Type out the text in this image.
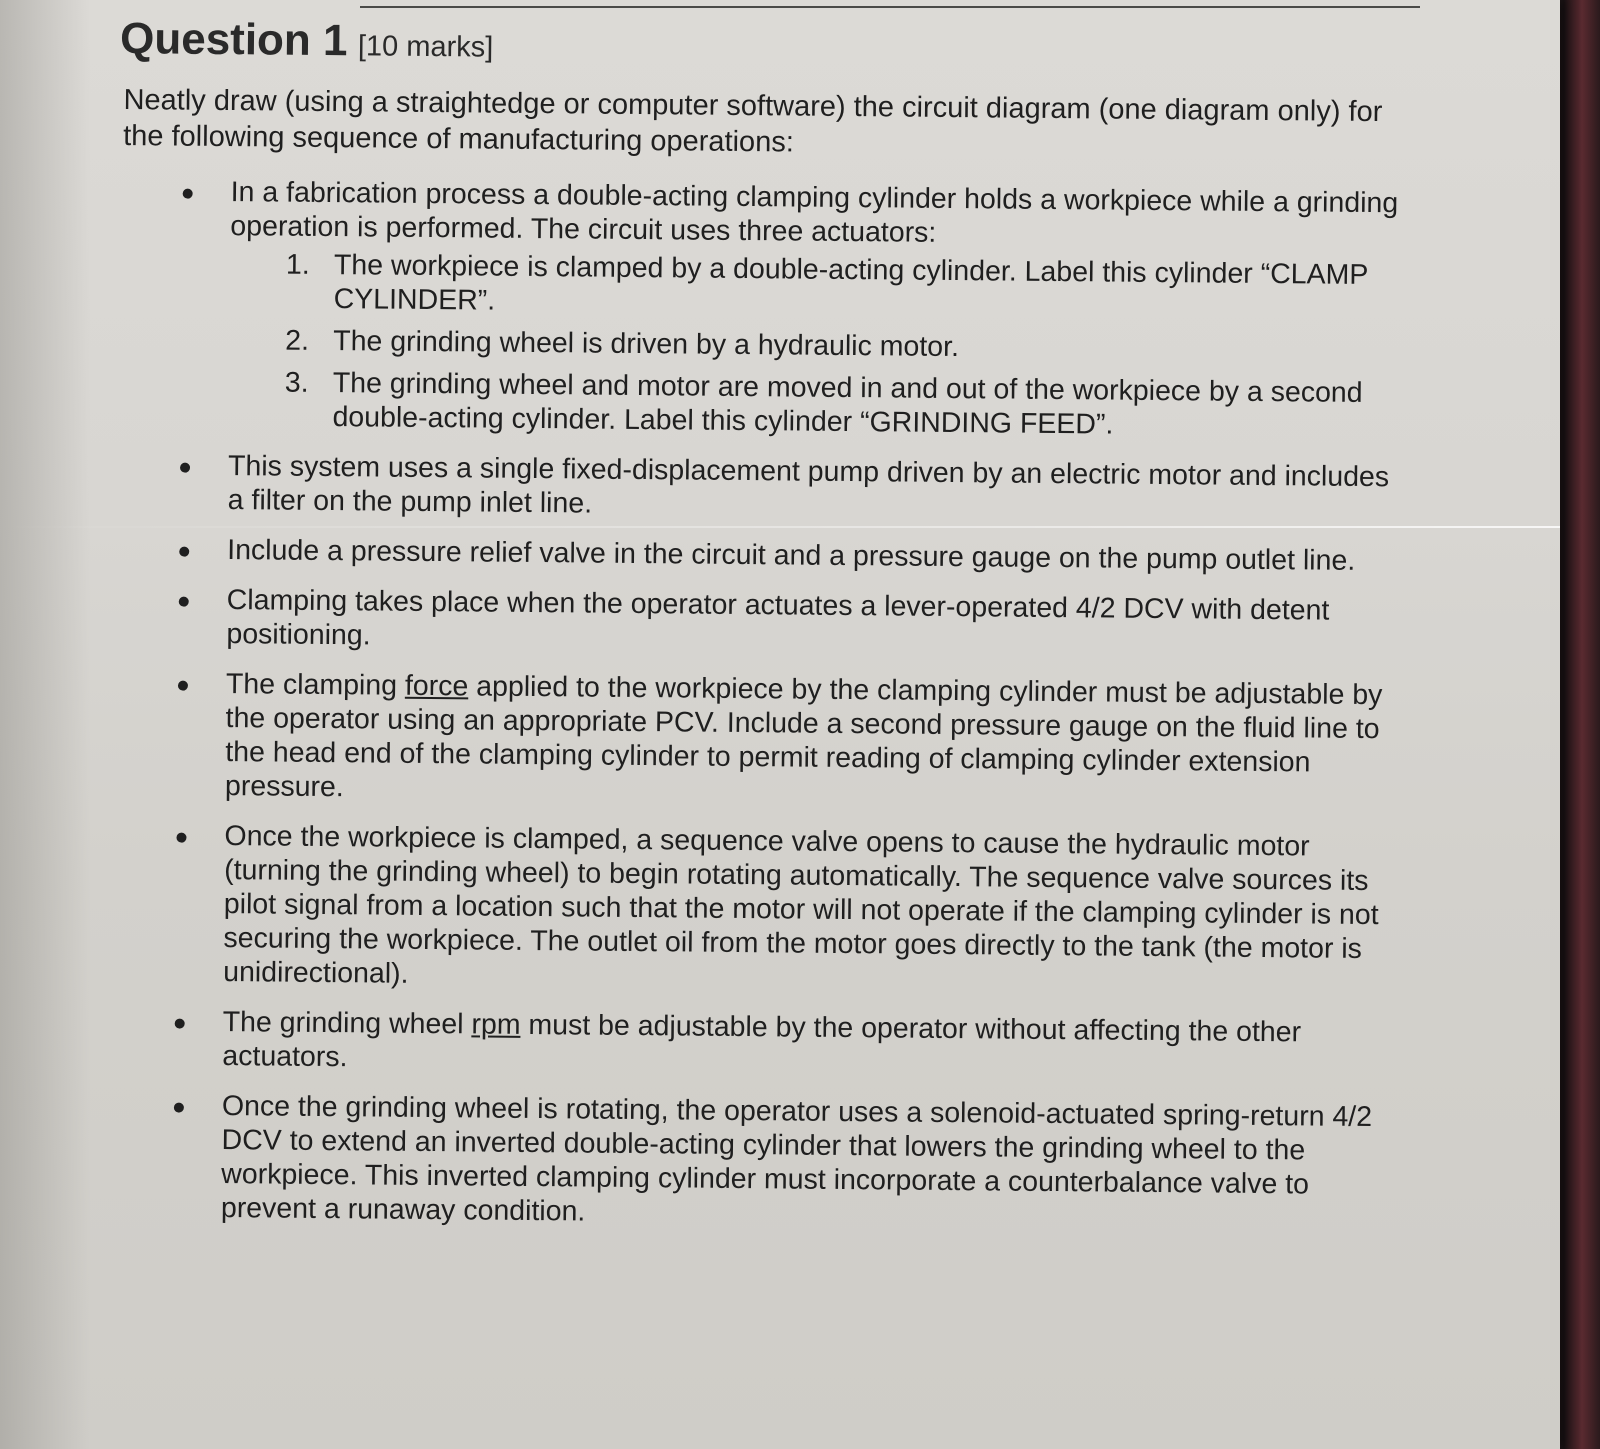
Question 1 [10 marks]
Neatly draw (using a straightedge or computer software) the circuit diagram (one diagram only) for the following sequence of manufacturing operations:
In a fabrication process a double-acting clamping cylinder holds a workpiece while a grinding operation is performed. The circuit uses three actuators:
1. The workpiece is clamped by a double-acting cylinder. Label this cylinder “CLAMP CYLINDER”.
2. The grinding wheel is driven by a hydraulic motor.
3. The grinding wheel and motor are moved in and out of the workpiece by a second double-acting cylinder. Label this cylinder “GRINDING FEED”.
This system uses a single fixed-displacement pump driven by an electric motor and includes a filter on the pump inlet line.
Include a pressure relief valve in the circuit and a pressure gauge on the pump outlet line.
Clamping takes place when the operator actuates a lever-operated 4/2 DCV with detent positioning.
The clamping force applied to the workpiece by the clamping cylinder must be adjustable by the operator using an appropriate PCV. Include a second pressure gauge on the fluid line to the head end of the clamping cylinder to permit reading of clamping cylinder extension pressure.
Once the workpiece is clamped, a sequence valve opens to cause the hydraulic motor (turning the grinding wheel) to begin rotating automatically. The sequence valve sources its pilot signal from a location such that the motor will not operate if the clamping cylinder is not securing the workpiece. The outlet oil from the motor goes directly to the tank (the motor is unidirectional).
The grinding wheel rpm must be adjustable by the operator without affecting the other actuators.
Once the grinding wheel is rotating, the operator uses a solenoid-actuated spring-return 4/2 DCV to extend an inverted double-acting cylinder that lowers the grinding wheel to the workpiece. This inverted clamping cylinder must incorporate a counterbalance valve to prevent a runaway condition.
